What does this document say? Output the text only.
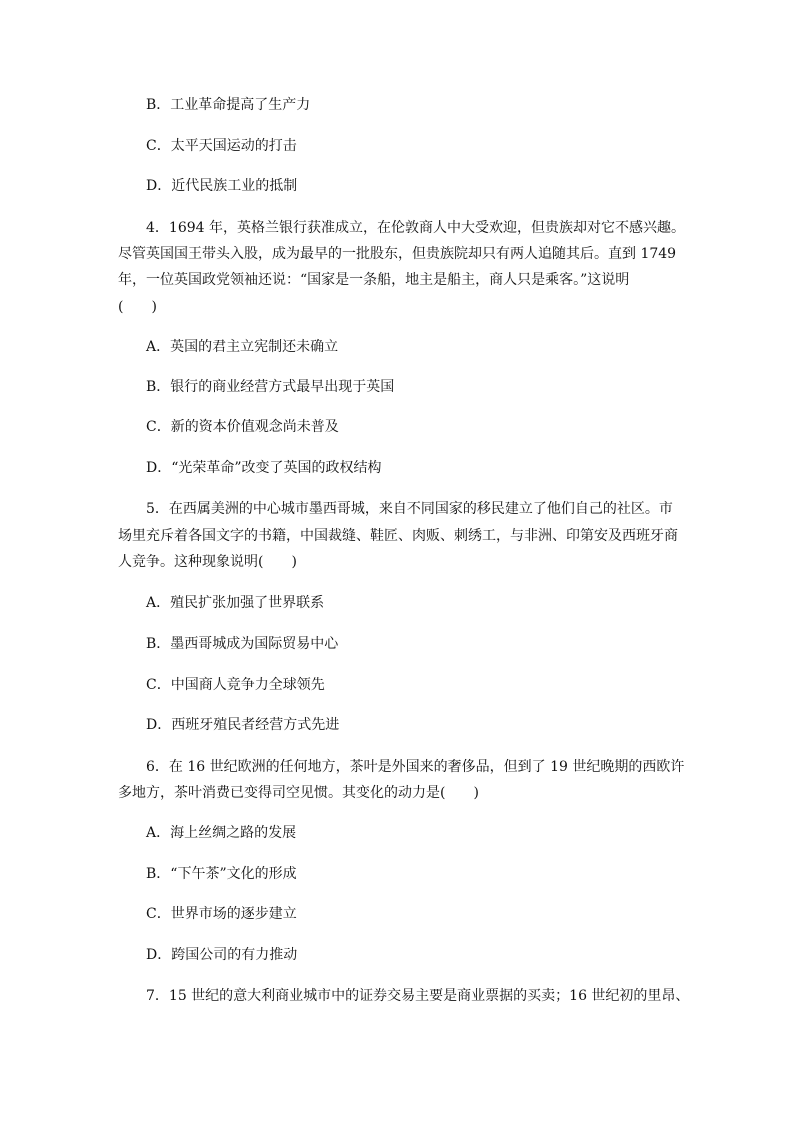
B．工业革命提高了生产力
C．太平天国运动的打击
D．近代民族工业的抵制
4．1694 年，英格兰银行获准成立，在伦敦商人中大受欢迎，但贵族却对它不感兴趣。
尽管英国国王带头入股，成为最早的一批股东，但贵族院却只有两人追随其后。直到 1749
年，一位英国政党领袖还说：“国家是一条船，地主是船主，商人只是乘客。”这说明
(　　)
A．英国的君主立宪制还未确立
B．银行的商业经营方式最早出现于英国
C．新的资本价值观念尚未普及
D．“光荣革命”改变了英国的政权结构
5．在西属美洲的中心城市墨西哥城，来自不同国家的移民建立了他们自己的社区。市
场里充斥着各国文字的书籍，中国裁缝、鞋匠、肉贩、刺绣工，与非洲、印第安及西班牙商
人竞争。这种现象说明(　　)
A．殖民扩张加强了世界联系
B．墨西哥城成为国际贸易中心
C．中国商人竞争力全球领先
D．西班牙殖民者经营方式先进
6．在 16 世纪欧洲的任何地方，茶叶是外国来的奢侈品，但到了 19 世纪晚期的西欧许
多地方，茶叶消费已变得司空见惯。其变化的动力是(　　)
A．海上丝绸之路的发展
B．“下午茶”文化的形成
C．世界市场的逐步建立
D．跨国公司的有力推动
7．15 世纪的意大利商业城市中的证券交易主要是商业票据的买卖；16 世纪初的里昂、
